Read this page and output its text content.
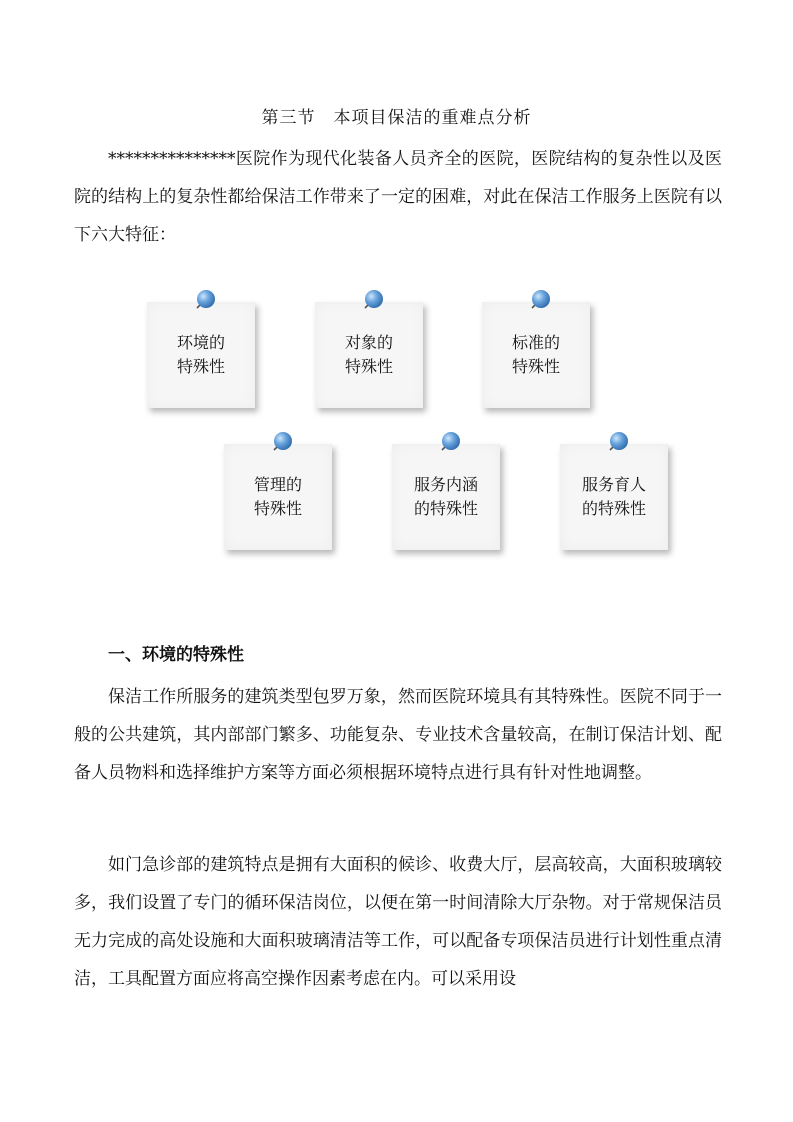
第三节　本项目保洁的重难点分析

***************医院作为现代化装备人员齐全的医院，医院结构的复杂性以及医院的结构上的复杂性都给保洁工作带来了一定的困难，对此在保洁工作服务上医院有以下六大特征：

环境的
特殊性
对象的
特殊性
标准的
特殊性
管理的
特殊性
服务内涵
的特殊性
服务育人
的特殊性
一、环境的特殊性

保洁工作所服务的建筑类型包罗万象，然而医院环境具有其特殊性。医院不同于一般的公共建筑，其内部部门繁多、功能复杂、专业技术含量较高，在制订保洁计划、配备人员物料和选择维护方案等方面必须根据环境特点进行具有针对性地调整。

如门急诊部的建筑特点是拥有大面积的候诊、收费大厅，层高较高，大面积玻璃较多，我们设置了专门的循环保洁岗位，以便在第一时间清除大厅杂物。对于常规保洁员无力完成的高处设施和大面积玻璃清洁等工作，可以配备专项保洁员进行计划性重点清洁，工具配置方面应将高空操作因素考虑在内。可以采用设
